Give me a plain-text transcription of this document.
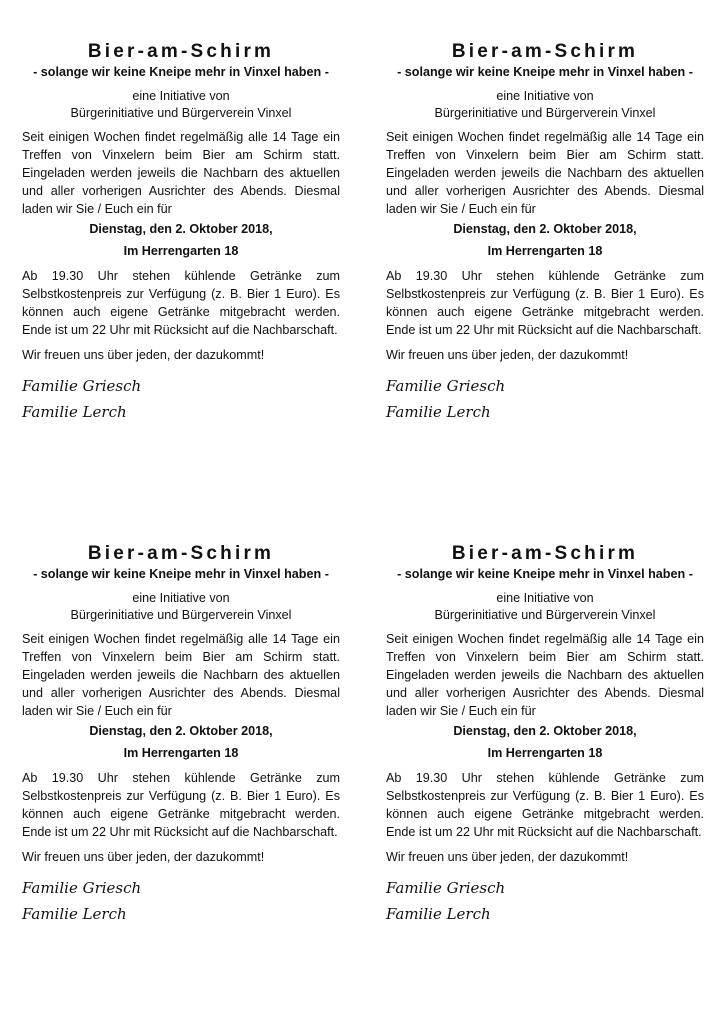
Bier-am-Schirm

- solange wir keine Kneipe mehr in Vinxel haben -

eine Initiative von
Bürgerinitiative und Bürgerverein Vinxel

Seit einigen Wochen findet regelmäßig alle 14 Tage ein Treffen von Vinxelern beim Bier am Schirm statt. Eingeladen werden jeweils die Nachbarn des aktuellen und aller vorherigen Ausrichter des Abends. Diesmal laden wir Sie / Euch ein für

Dienstag, den 2. Oktober 2018,

Im Herrengarten 18

Ab 19.30 Uhr stehen kühlende Getränke zum Selbstkostenpreis zur Verfügung (z. B. Bier 1 Euro). Es können auch eigene Getränke mitgebracht werden. Ende ist um 22 Uhr mit Rücksicht auf die Nachbarschaft.

Wir freuen uns über jeden, der dazukommt!

Familie Griesch

Familie Lerch

Bier-am-Schirm

- solange wir keine Kneipe mehr in Vinxel haben -

eine Initiative von
Bürgerinitiative und Bürgerverein Vinxel

Seit einigen Wochen findet regelmäßig alle 14 Tage ein Treffen von Vinxelern beim Bier am Schirm statt. Eingeladen werden jeweils die Nachbarn des aktuellen und aller vorherigen Ausrichter des Abends. Diesmal laden wir Sie / Euch ein für

Dienstag, den 2. Oktober 2018,

Im Herrengarten 18

Ab 19.30 Uhr stehen kühlende Getränke zum Selbstkostenpreis zur Verfügung (z. B. Bier 1 Euro). Es können auch eigene Getränke mitgebracht werden. Ende ist um 22 Uhr mit Rücksicht auf die Nachbarschaft.

Wir freuen uns über jeden, der dazukommt!

Familie Griesch

Familie Lerch

Bier-am-Schirm

- solange wir keine Kneipe mehr in Vinxel haben -

eine Initiative von
Bürgerinitiative und Bürgerverein Vinxel

Seit einigen Wochen findet regelmäßig alle 14 Tage ein Treffen von Vinxelern beim Bier am Schirm statt. Eingeladen werden jeweils die Nachbarn des aktuellen und aller vorherigen Ausrichter des Abends. Diesmal laden wir Sie / Euch ein für

Dienstag, den 2. Oktober 2018,

Im Herrengarten 18

Ab 19.30 Uhr stehen kühlende Getränke zum Selbstkostenpreis zur Verfügung (z. B. Bier 1 Euro). Es können auch eigene Getränke mitgebracht werden. Ende ist um 22 Uhr mit Rücksicht auf die Nachbarschaft.

Wir freuen uns über jeden, der dazukommt!

Familie Griesch

Familie Lerch

Bier-am-Schirm

- solange wir keine Kneipe mehr in Vinxel haben -

eine Initiative von
Bürgerinitiative und Bürgerverein Vinxel

Seit einigen Wochen findet regelmäßig alle 14 Tage ein Treffen von Vinxelern beim Bier am Schirm statt. Eingeladen werden jeweils die Nachbarn des aktuellen und aller vorherigen Ausrichter des Abends. Diesmal laden wir Sie / Euch ein für

Dienstag, den 2. Oktober 2018,

Im Herrengarten 18

Ab 19.30 Uhr stehen kühlende Getränke zum Selbstkostenpreis zur Verfügung (z. B. Bier 1 Euro). Es können auch eigene Getränke mitgebracht werden. Ende ist um 22 Uhr mit Rücksicht auf die Nachbarschaft.

Wir freuen uns über jeden, der dazukommt!

Familie Griesch

Familie Lerch
